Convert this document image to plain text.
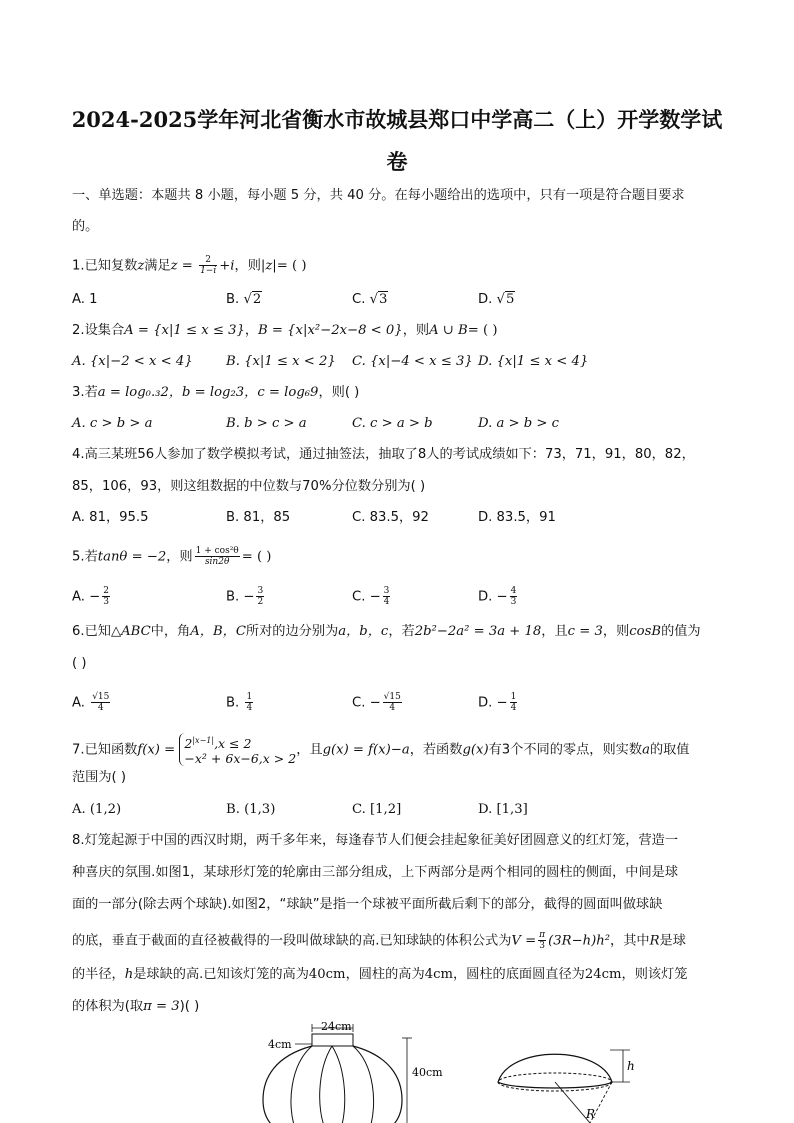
2024-2025学年河北省衡水市故城县郑口中学高二（上）开学数学试
卷
一、单选题：本题共 8 小题，每小题 5 分，共 40 分。在每小题给出的选项中，只有一项是符合题目要求
的。
1.已知复数z满足$z = \frac{2}{1-i} +i$，则|z|= ( )
A. 1	B. √2	C. √3	D. √5
2.设集合A = {x|1 ≤ x ≤ 3}，B = {x|x²−2x−8 < 0}，则A ∪ B= ( )
A. {x|−2 < x < 4}	B. {x|1 ≤ x < 2} C. {x|−4 < x ≤ 3} D. {x|1 ≤ x < 4}
3.若a = log₀.₃2，b = log₂3，c = log₆9，则( )
A. c > b > a	B. b > c > a	C. c > a > b	D. a > b > c
4.高三某班56人参加了数学模拟考试，通过抽签法，抽取了8人的考试成绩如下：73，71，91，80，82，
85，106，93，则这组数据的中位数与70%分位数分别为( )
A. 81，95.5	B. 81，85	C. 83.5，92	D. 83.5，91
5.若tanθ = −2，则 $\frac{\text{1 + cos²θ}}{\sin 2\theta}$ = ( )
A. − $\frac{2}{3}$	B. − $\frac{3}{2}$	C. − $\frac{3}{4}$	D. − $\frac{4}{3}$
6.已知△ABC中，角A，B，C所对的边分别为a，b，c，若2b²−2a² = 3a + 18，且c = 3，则cosB的值为
( )
A. $\frac{√15}{4}$	B. $\frac{1}{4}$	C. − $\frac{√15}{4}$	D. − $\frac{1}{4}$
7.已知函数$f(x) = 2^{|x-1|},x \le 2$
−x² + 6x−6,x > 2
，且g(x) = f(x)−a，若函数g(x)有3个不同的零点，则实数a的取值
范围为( )
A. (1,2)	B. (1,3)	C. [1,2]	D. [1,3]
8.灯笼起源于中国的西汉时期，两千多年来，每逢春节人们便会挂起象征美好团圆意义的红灯笼，营造一
种喜庆的氛围.如图1，某球形灯笼的轮廓由三部分组成，上下两部分是两个相同的圆柱的侧面，中间是球
面的一部分(除去两个球缺).如图2，“球缺”是指一个球被平面所截后剩下的部分，截得的圆面叫做球缺
的底，垂直于截面的直径被截得的一段叫做球缺的高.已知球缺的体积公式为$V = \frac{\pi}{3} (3R-h)h^2$，其中R是球
的半径，h是球缺的高.已知该灯笼的高为40cm，圆柱的高为4cm，圆柱的底面圆直径为24cm，则该灯笼
的体积为(取π = 3)( )
24cm
4cm
40cm	h
R
